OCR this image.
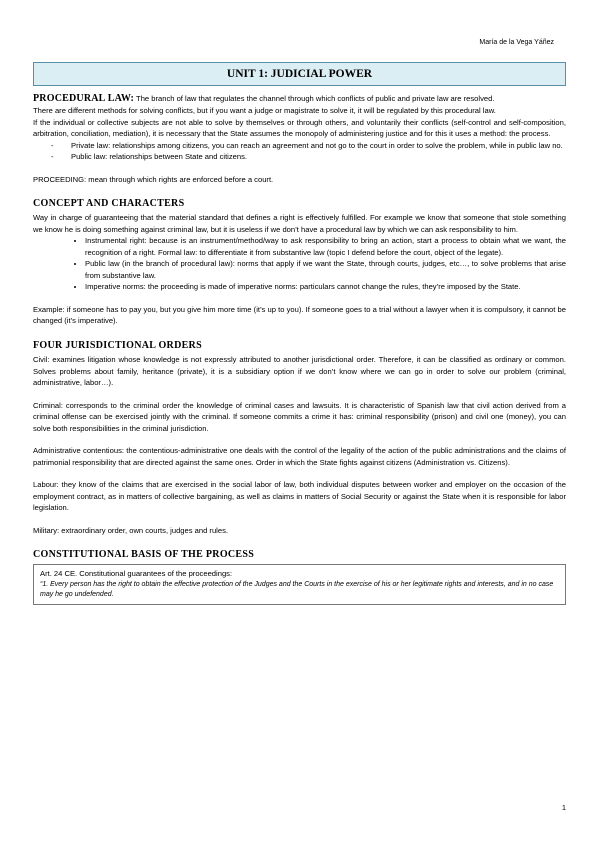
María de la Vega Yáñez
UNIT 1: JUDICIAL POWER

PROCEDURAL LAW: The branch of law that regulates the channel through which conflicts of public and private law are resolved.

There are different methods for solving conflicts, but if you want a judge or magistrate to solve it, it will be regulated by this procedural law.

If the individual or collective subjects are not able to solve by themselves or through others, and voluntarily their conflicts (self-control and self-composition, arbitration, conciliation, mediation), it is necessary that the State assumes the monopoly of administering justice and for this it uses a method: the process.

- Private law: relationships among citizens, you can reach an agreement and not go to the court in order to solve the problem, while in public law no.
- Public law: relationships between State and citizens.

PROCEEDING: mean through which rights are enforced before a court.

CONCEPT AND CHARACTERS

Way in charge of guaranteeing that the material standard that defines a right is effectively fulfilled. For example we know that someone that stole something we know he is doing something against criminal law, but it is useless if we don’t have a procedural law by which we can ask responsibility to him.

• Instrumental right: because is an instrument/method/way to ask responsibility to bring an action, start a process to obtain what we want, the recognition of a right. Formal law: to differentiate it from substantive law (topic I defend before the court, object of the legate).
• Public law (in the branch of procedural law): norms that apply if we want the State, through courts, judges, etc…, to solve problems that arise from substantive law.
• Imperative norms: the proceeding is made of imperative norms: particulars cannot change the rules, they’re imposed by the State.

Example: if someone has to pay you, but you give him more time (it’s up to you). If someone goes to a trial without a lawyer when it is compulsory, it cannot be changed (it’s imperative).

FOUR JURISDICTIONAL ORDERS

Civil: examines litigation whose knowledge is not expressly attributed to another jurisdictional order. Therefore, it can be classified as ordinary or common. Solves problems about family, heritance (private), it is a subsidiary option if we don’t know where we can go in order to solve our problem (criminal, administrative, labor…).

Criminal: corresponds to the criminal order the knowledge of criminal cases and lawsuits. It is characteristic of Spanish law that civil action derived from a criminal offense can be exercised jointly with the criminal. If someone commits a crime it has: criminal responsibility (prison) and civil one (money), you can solve both responsibilities in the criminal jurisdiction.

Administrative contentious: the contentious-administrative one deals with the control of the legality of the action of the public administrations and the claims of patrimonial responsibility that are directed against the same ones. Order in which the State fights against citizens (Administration vs. Citizens).

Labour: they know of the claims that are exercised in the social labor of law, both individual disputes between worker and employer on the occasion of the employment contract, as in matters of collective bargaining, as well as claims in matters of Social Security or against the State when it is responsible for labor legislation.

Military: extraordinary order, own courts, judges and rules.

CONSTITUTIONAL BASIS OF THE PROCESS
Art. 24 CE. Constitutional guarantees of the proceedings:
“1. Every person has the right to obtain the effective protection of the Judges and the Courts in the exercise of his or her legitimate rights and interests, and in no case may he go undefended.
1
